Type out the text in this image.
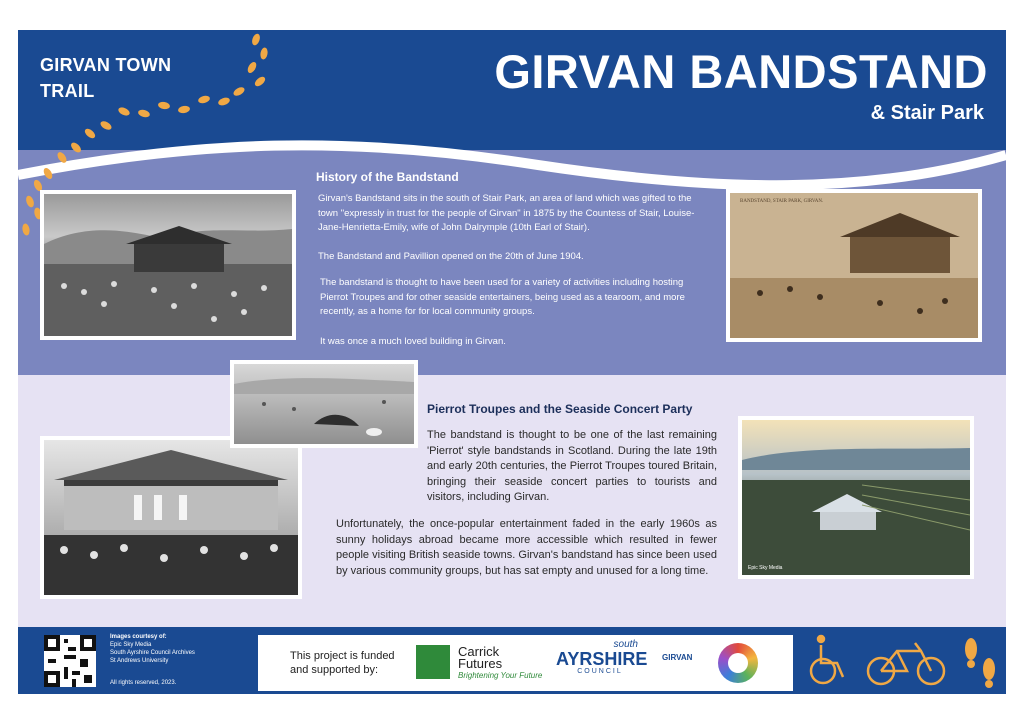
GIRVAN TOWN
TRAIL	GIRVAN BANDSTAND
& Stair Park
History of the Bandstand
Girvan's Bandstand sits in the south of Stair Park, an area of land which was gifted to the town "expressly in trust for the people of Girvan" in 1875 by the Countess of Stair, Louise-Jane-Henrietta-Emily, wife of John Dalrymple (10th Earl of Stair).
The Bandstand and Pavillion opened on the 20th of June 1904.
The bandstand is thought to have been used for a variety of activities including hosting Pierrot Troupes and for other seaside entertainers, being used as a tearoom, and more recently, as a home for for local community groups.
It was once a much loved building in Girvan.
BANDSTAND, STAIR PARK, GIRVAN.
Pierrot Troupes and the Seaside Concert Party
The bandstand is thought to be one of the last remaining 'Pierrot' style bandstands in Scotland. During the late 19th and early 20th centuries, the Pierrot Troupes toured Britain, bringing their seaside concert parties to tourists and visitors, including Girvan.
Unfortunately, the once-popular entertainment faded in the early 1960s as sunny holidays abroad became more accessible which resulted in fewer people visiting British seaside towns. Girvan's bandstand has since been used by various community groups, but has sat empty and unused for a long time.	Epic Sky Media
Images courtesy of:
Epic Sky Media
South Ayrshire Council Archives
St Andrews University
All rights reserved, 2023.
This project is funded
and supported by:
Carrick
Futures
Brightening Your Future
south
AYRSHIRE
COUNCIL
GIRVAN
